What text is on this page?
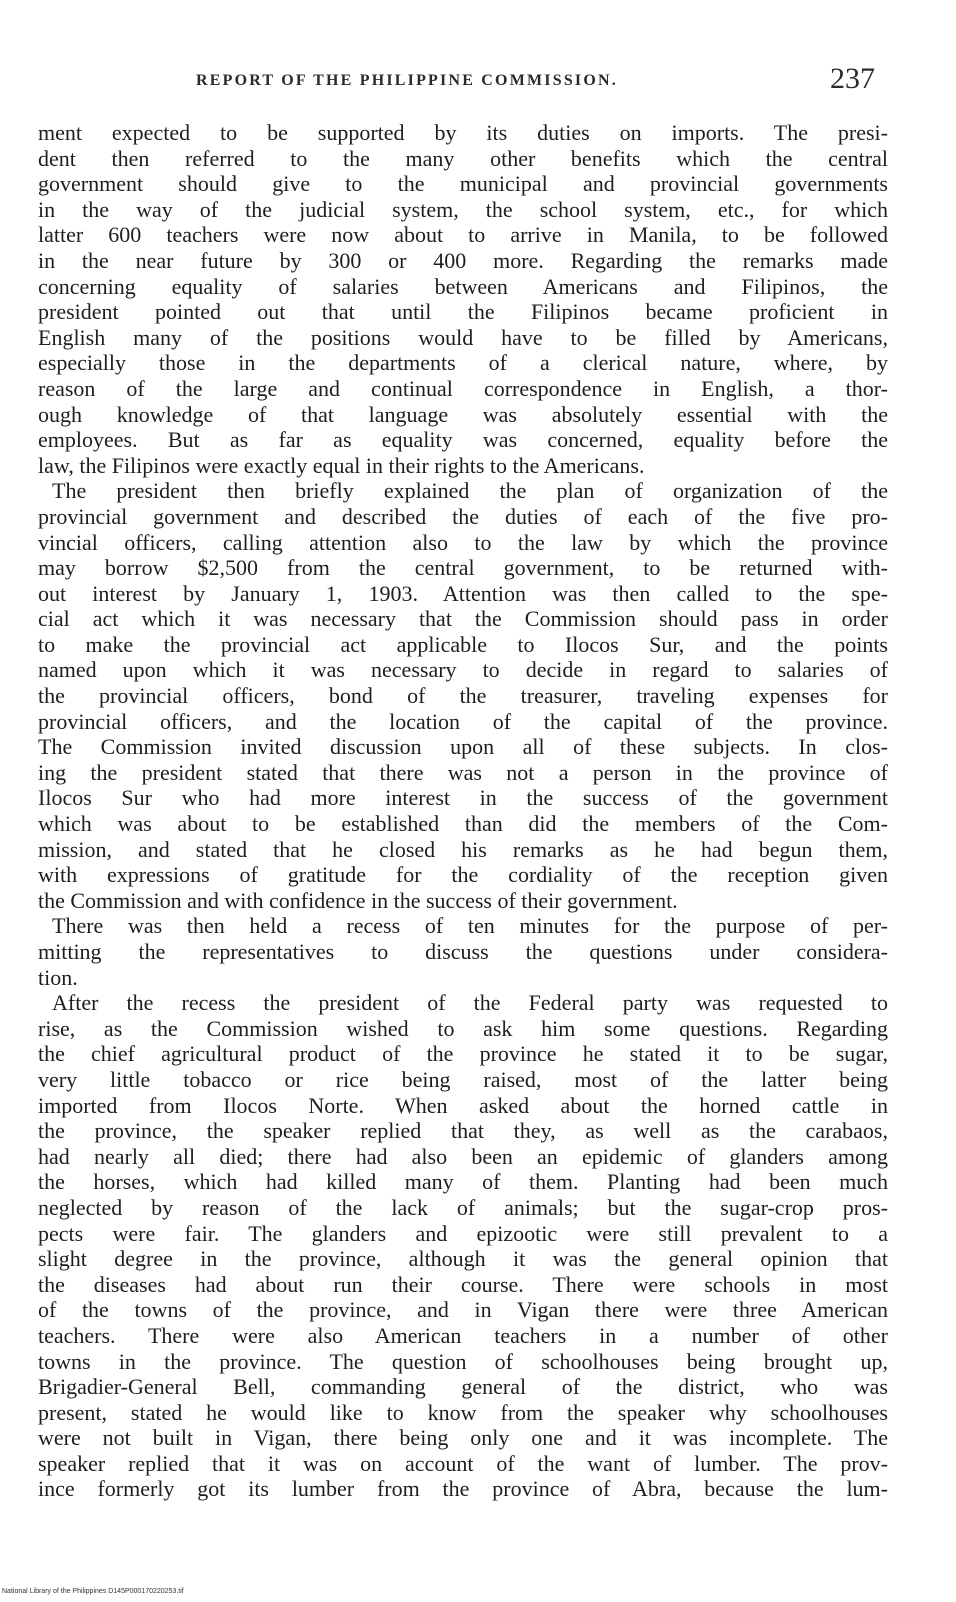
REPORT OF THE PHILIPPINE COMMISSION.	237
ment expected to be supported by its duties on imports. The presi-
dent then referred to the many other benefits which the central
government should give to the municipal and provincial governments
in the way of the judicial system, the school system, etc., for which
latter 600 teachers were now about to arrive in Manila, to be followed
in the near future by 300 or 400 more. Regarding the remarks made
concerning equality of salaries between Americans and Filipinos, the
president pointed out that until the Filipinos became proficient in
English many of the positions would have to be filled by Americans,
especially those in the departments of a clerical nature, where, by
reason of the large and continual correspondence in English, a thor-
ough knowledge of that language was absolutely essential with the
employees. But as far as equality was concerned, equality before the
law, the Filipinos were exactly equal in their rights to the Americans.
The president then briefly explained the plan of organization of the
provincial government and described the duties of each of the five pro-
vincial officers, calling attention also to the law by which the province
may borrow $2,500 from the central government, to be returned with-
out interest by January 1, 1903. Attention was then called to the spe-
cial act which it was necessary that the Commission should pass in order
to make the provincial act applicable to Ilocos Sur, and the points
named upon which it was necessary to decide in regard to salaries of
the provincial officers, bond of the treasurer, traveling expenses for
provincial officers, and the location of the capital of the province.
The Commission invited discussion upon all of these subjects. In clos-
ing the president stated that there was not a person in the province of
Ilocos Sur who had more interest in the success of the government
which was about to be established than did the members of the Com-
mission, and stated that he closed his remarks as he had begun them,
with expressions of gratitude for the cordiality of the reception given
the Commission and with confidence in the success of their government.
There was then held a recess of ten minutes for the purpose of per-
mitting the representatives to discuss the questions under considera-
tion.
After the recess the president of the Federal party was requested to
rise, as the Commission wished to ask him some questions. Regarding
the chief agricultural product of the province he stated it to be sugar,
very little tobacco or rice being raised, most of the latter being
imported from Ilocos Norte. When asked about the horned cattle in
the province, the speaker replied that they, as well as the carabaos,
had nearly all died; there had also been an epidemic of glanders among
the horses, which had killed many of them. Planting had been much
neglected by reason of the lack of animals; but the sugar-crop pros-
pects were fair. The glanders and epizootic were still prevalent to a
slight degree in the province, although it was the general opinion that
the diseases had about run their course. There were schools in most
of the towns of the province, and in Vigan there were three American
teachers. There were also American teachers in a number of other
towns in the province. The question of schoolhouses being brought up,
Brigadier-General Bell, commanding general of the district, who was
present, stated he would like to know from the speaker why schoolhouses
were not built in Vigan, there being only one and it was incomplete. The
speaker replied that it was on account of the want of lumber. The prov-
ince formerly got its lumber from the province of Abra, because the lum-
National Library of the Philippines D145P000170220253.tif
